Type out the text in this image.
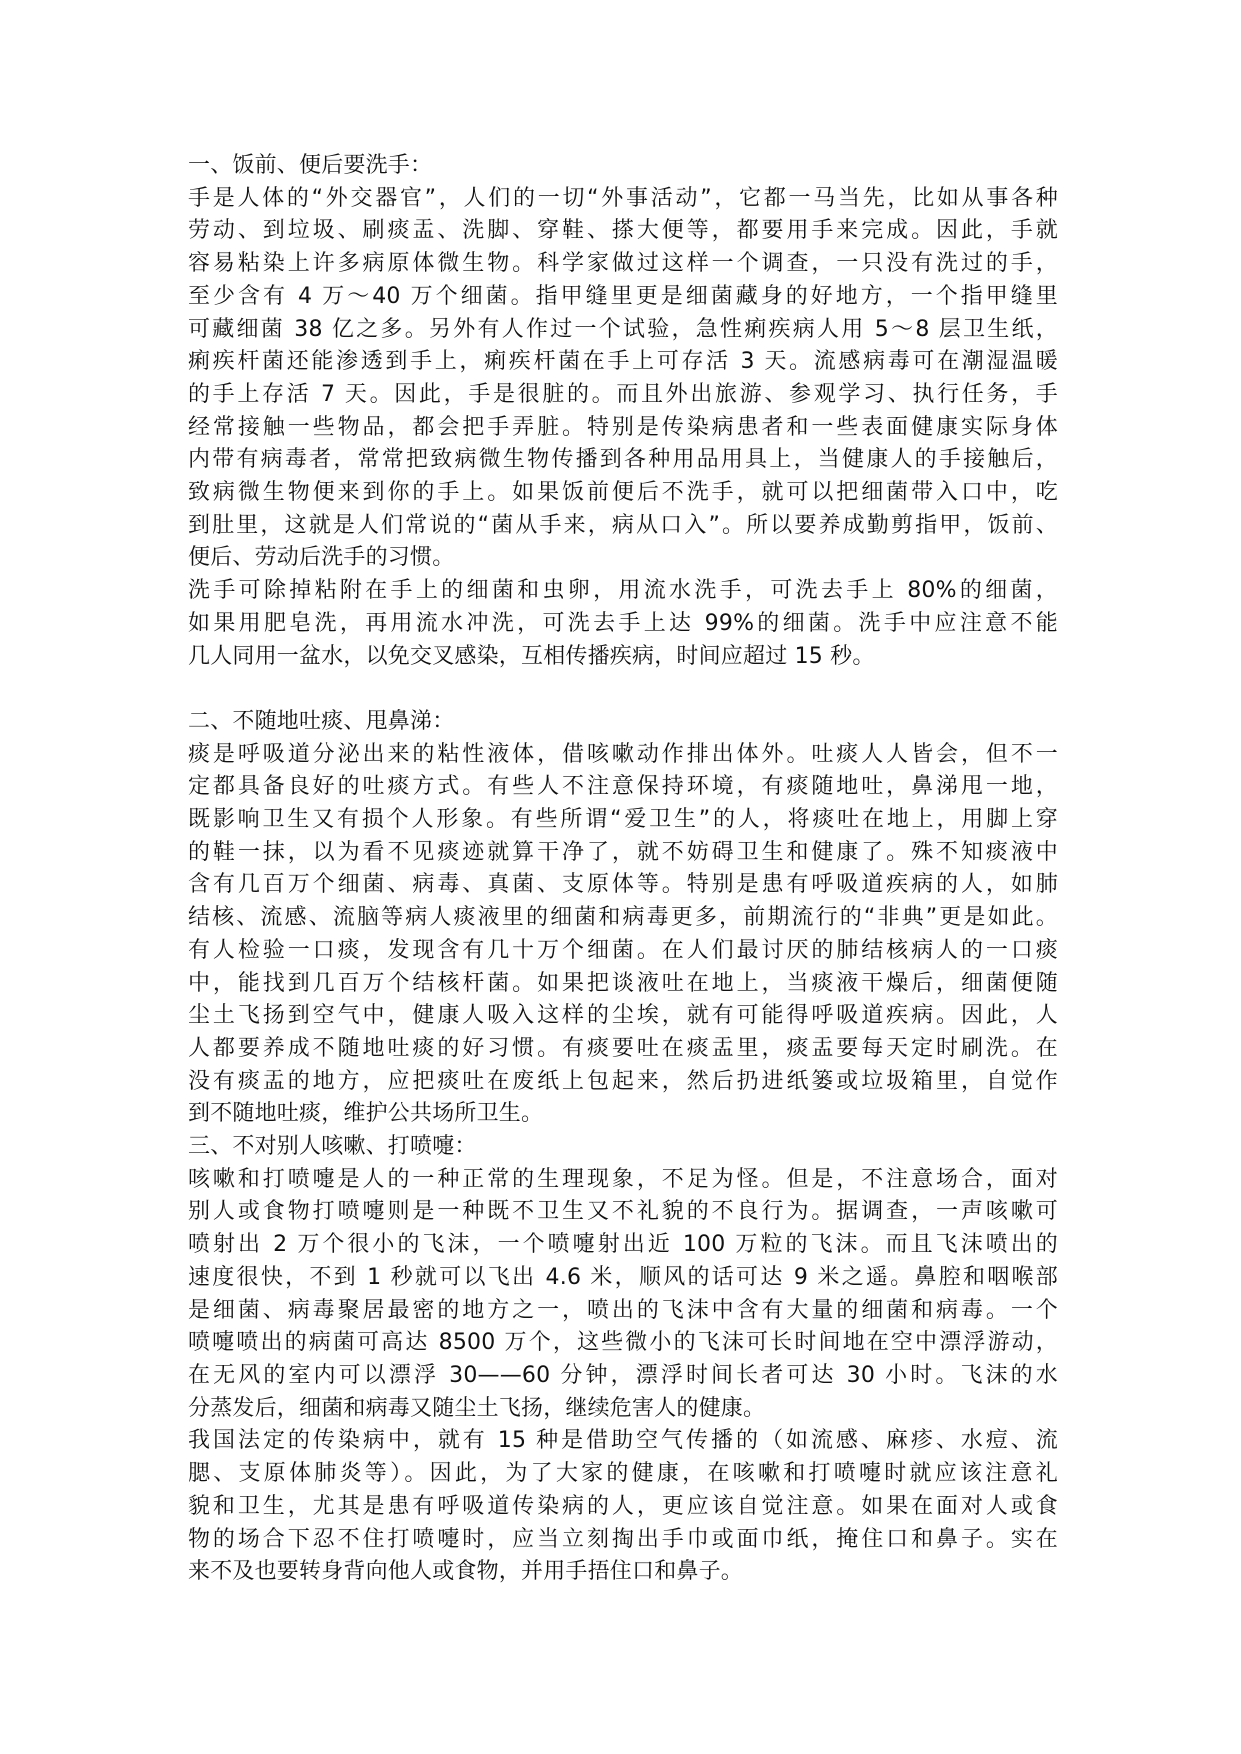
一、饭前、便后要洗手：
手是人体的“外交器官”，人们的一切“外事活动”，它都一马当先，比如从事各种
劳动、到垃圾、刷痰盂、洗脚、穿鞋、搽大便等，都要用手来完成。因此，手就
容易粘染上许多病原体微生物。科学家做过这样一个调查，一只没有洗过的手，
至少含有 4 万～40 万个细菌。指甲缝里更是细菌藏身的好地方，一个指甲缝里
可藏细菌 38 亿之多。另外有人作过一个试验，急性痢疾病人用 5～8 层卫生纸，
痢疾杆菌还能渗透到手上，痢疾杆菌在手上可存活 3 天。流感病毒可在潮湿温暖
的手上存活 7 天。因此，手是很脏的。而且外出旅游、参观学习、执行任务，手
经常接触一些物品，都会把手弄脏。特别是传染病患者和一些表面健康实际身体
内带有病毒者，常常把致病微生物传播到各种用品用具上，当健康人的手接触后，
致病微生物便来到你的手上。如果饭前便后不洗手，就可以把细菌带入口中，吃
到肚里，这就是人们常说的“菌从手来，病从口入”。所以要养成勤剪指甲，饭前、
便后、劳动后洗手的习惯。
洗手可除掉粘附在手上的细菌和虫卵，用流水洗手，可洗去手上 80%的细菌，
如果用肥皂洗，再用流水冲洗，可洗去手上达 99%的细菌。洗手中应注意不能
几人同用一盆水，以免交叉感染，互相传播疾病，时间应超过 15 秒。
二、不随地吐痰、甩鼻涕：
痰是呼吸道分泌出来的粘性液体，借咳嗽动作排出体外。吐痰人人皆会，但不一
定都具备良好的吐痰方式。有些人不注意保持环境，有痰随地吐，鼻涕甩一地，
既影响卫生又有损个人形象。有些所谓“爱卫生”的人，将痰吐在地上，用脚上穿
的鞋一抹，以为看不见痰迹就算干净了，就不妨碍卫生和健康了。殊不知痰液中
含有几百万个细菌、病毒、真菌、支原体等。特别是患有呼吸道疾病的人，如肺
结核、流感、流脑等病人痰液里的细菌和病毒更多，前期流行的“非典”更是如此。
有人检验一口痰，发现含有几十万个细菌。在人们最讨厌的肺结核病人的一口痰
中，能找到几百万个结核杆菌。如果把谈液吐在地上，当痰液干燥后，细菌便随
尘土飞扬到空气中，健康人吸入这样的尘埃，就有可能得呼吸道疾病。因此，人
人都要养成不随地吐痰的好习惯。有痰要吐在痰盂里，痰盂要每天定时刷洗。在
没有痰盂的地方，应把痰吐在废纸上包起来，然后扔进纸篓或垃圾箱里，自觉作
到不随地吐痰，维护公共场所卫生。
三、不对别人咳嗽、打喷嚏：
咳嗽和打喷嚏是人的一种正常的生理现象，不足为怪。但是，不注意场合，面对
别人或食物打喷嚏则是一种既不卫生又不礼貌的不良行为。据调查，一声咳嗽可
喷射出 2 万个很小的飞沫，一个喷嚏射出近 100 万粒的飞沫。而且飞沫喷出的
速度很快，不到 1 秒就可以飞出 4.6 米，顺风的话可达 9 米之遥。鼻腔和咽喉部
是细菌、病毒聚居最密的地方之一，喷出的飞沫中含有大量的细菌和病毒。一个
喷嚏喷出的病菌可高达 8500 万个，这些微小的飞沫可长时间地在空中漂浮游动，
在无风的室内可以漂浮 30——60 分钟，漂浮时间长者可达 30 小时。飞沫的水
分蒸发后，细菌和病毒又随尘土飞扬，继续危害人的健康。
我国法定的传染病中，就有 15 种是借助空气传播的（如流感、麻疹、水痘、流
腮、支原体肺炎等）。因此，为了大家的健康，在咳嗽和打喷嚏时就应该注意礼
貌和卫生，尤其是患有呼吸道传染病的人，更应该自觉注意。如果在面对人或食
物的场合下忍不住打喷嚏时，应当立刻掏出手巾或面巾纸，掩住口和鼻子。实在
来不及也要转身背向他人或食物，并用手捂住口和鼻子。
